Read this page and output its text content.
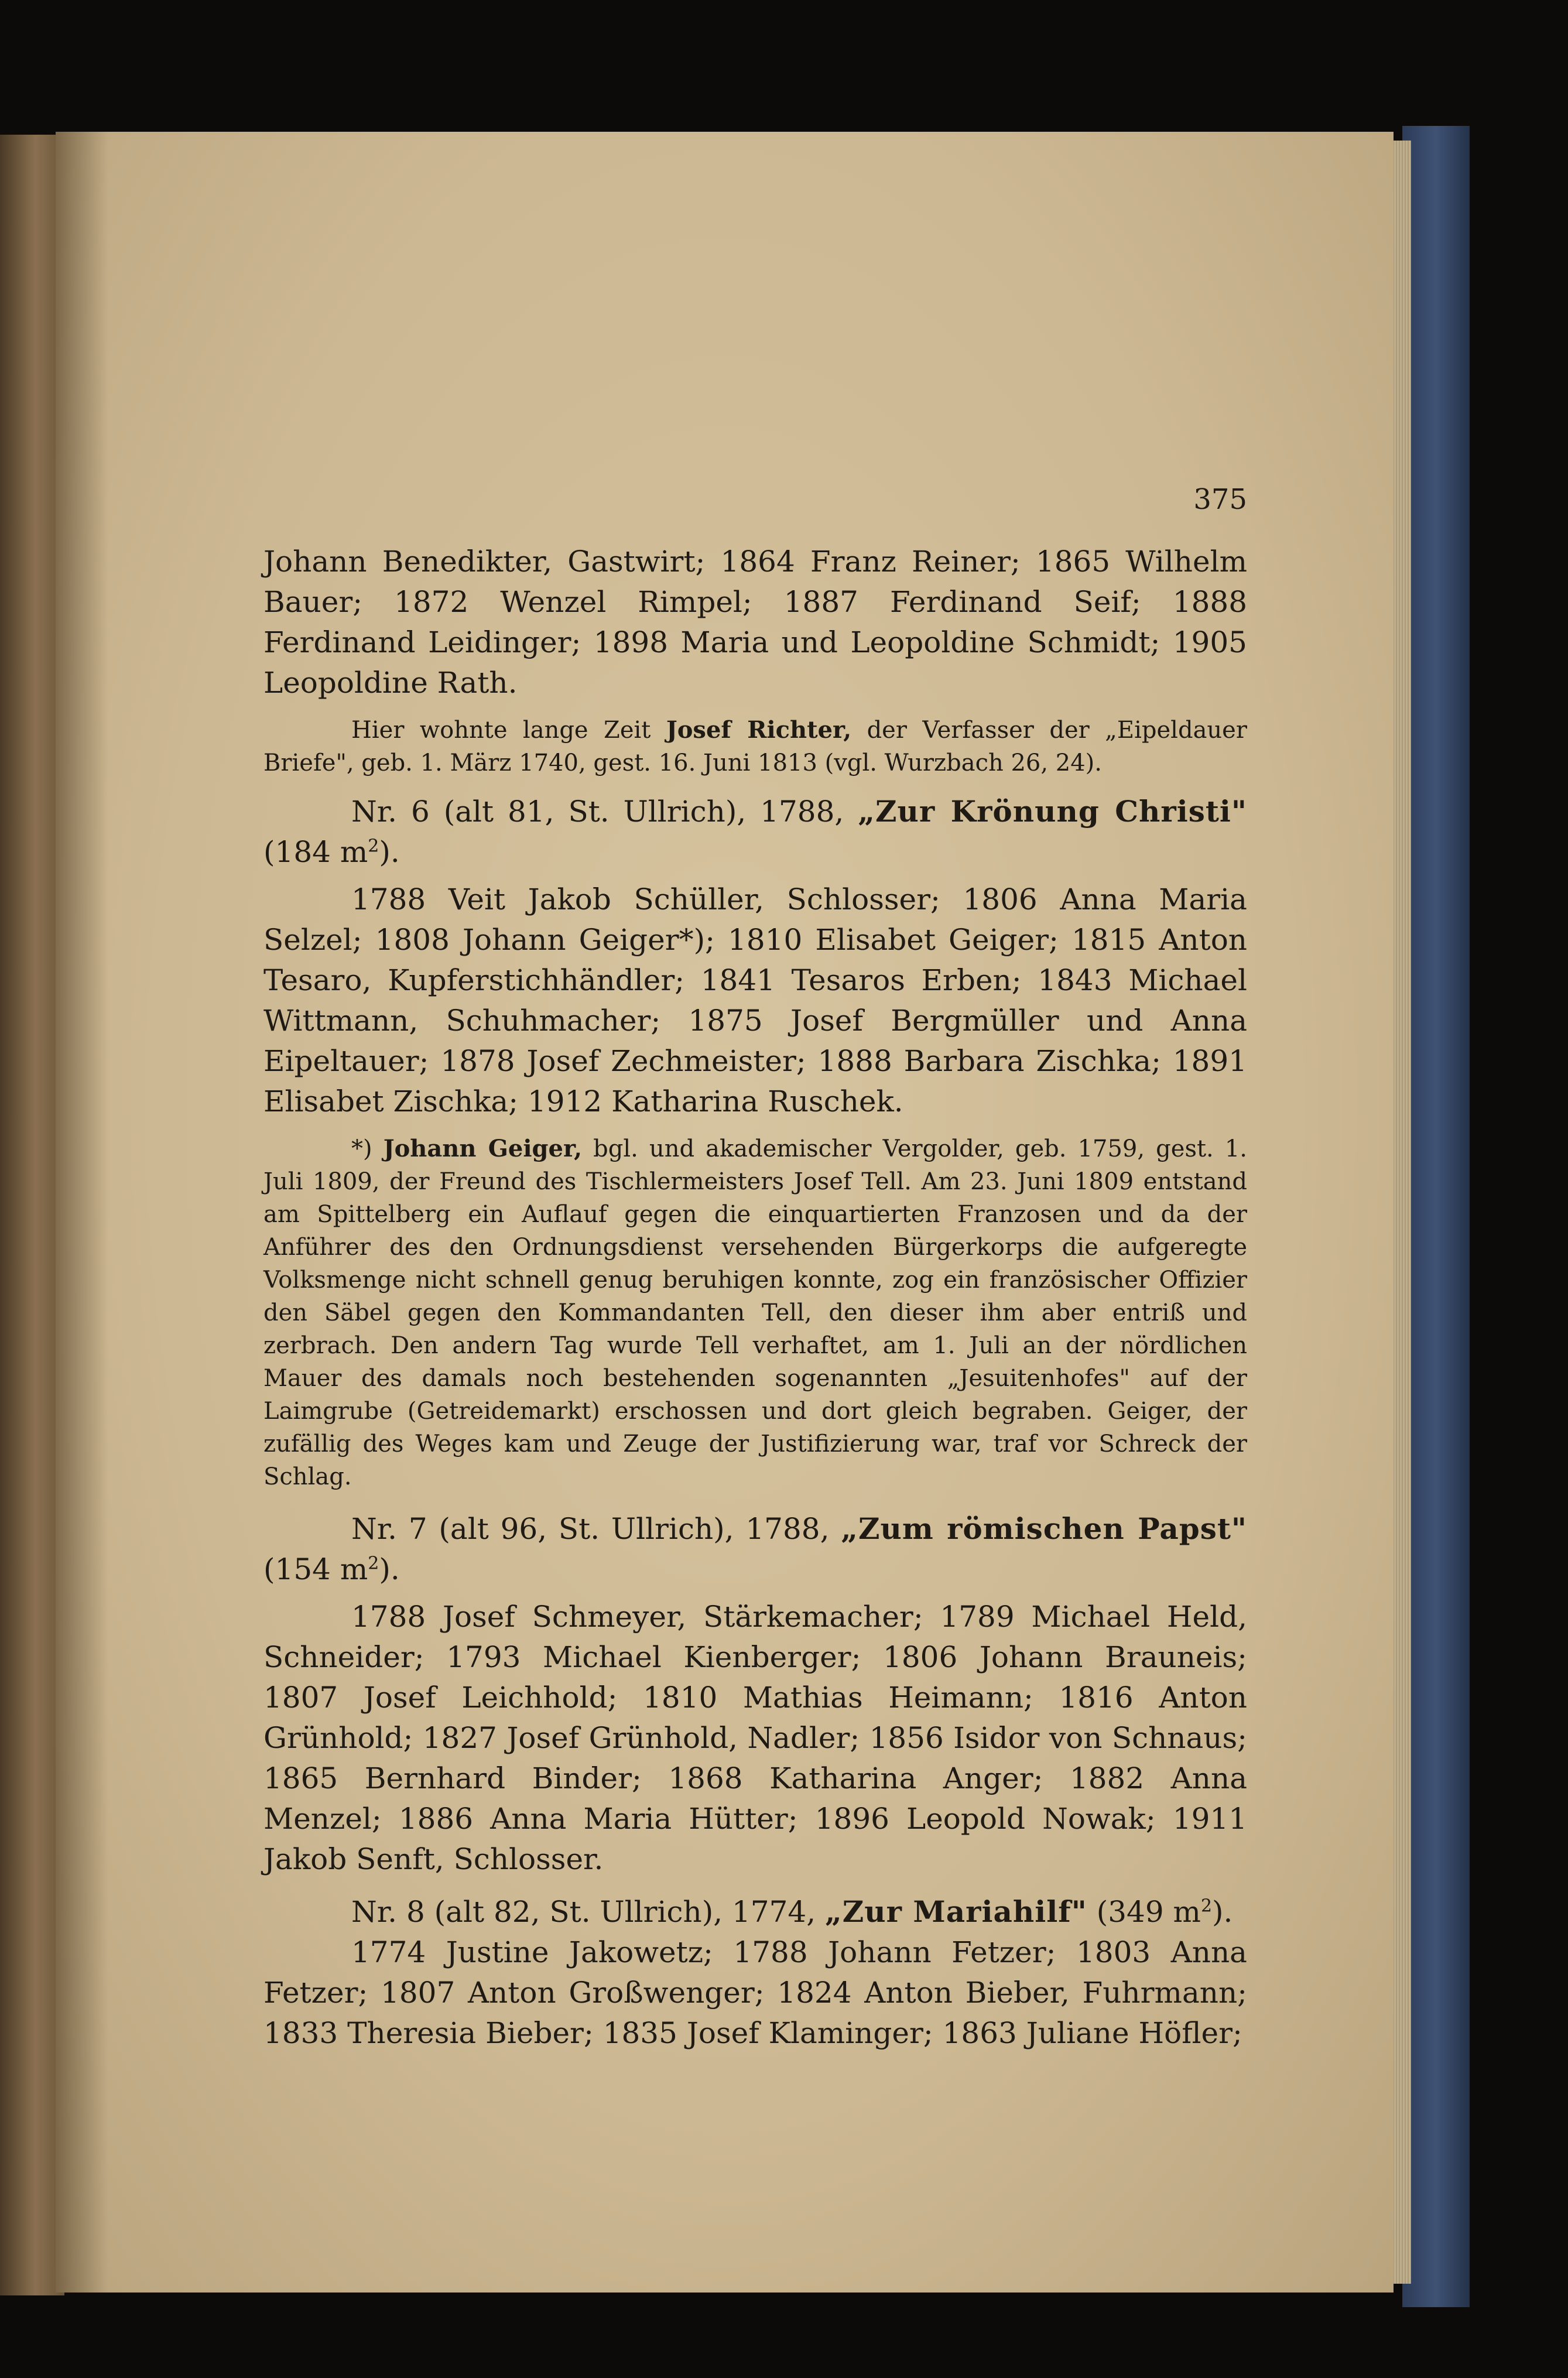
375

Johann Benedikter, Gastwirt; 1864 Franz Reiner; 1865 Wilhelm Bauer; 1872 Wenzel Rimpel; 1887 Ferdinand Seif; 1888 Ferdinand Leidinger; 1898 Maria und Leopoldine Schmidt; 1905 Leopoldine Rath.

Hier wohnte lange Zeit Josef Richter, der Verfasser der „Eipeldauer Briefe", geb. 1. März 1740, gest. 16. Juni 1813 (vgl. Wurzbach 26, 24).

Nr. 6 (alt 81, St. Ullrich), 1788, „Zur Krönung Christi" (184 $m^2$).

1788 Veit Jakob Schüller, Schlosser; 1806 Anna Maria Selzel; 1808 Johann Geiger*); 1810 Elisabet Geiger; 1815 Anton Tesaro, Kupferstichhändler; 1841 Tesaros Erben; 1843 Michael Wittmann, Schuhmacher; 1875 Josef Bergmüller und Anna Eipeltauer; 1878 Josef Zechmeister; 1888 Barbara Zischka; 1891 Elisabet Zischka; 1912 Katharina Ruschek.

*) Johann Geiger, bgl. und akademischer Vergolder, geb. 1759, gest. 1. Juli 1809, der Freund des Tischlermeisters Josef Tell. Am 23. Juni 1809 entstand am Spittelberg ein Auflauf gegen die einquartierten Franzosen und da der Anführer des den Ordnungsdienst versehenden Bürgerkorps die aufgeregte Volksmenge nicht schnell genug beruhigen konnte, zog ein französischer Offizier den Säbel gegen den Kommandanten Tell, den dieser ihm aber entriß und zerbrach. Den andern Tag wurde Tell verhaftet, am 1. Juli an der nördlichen Mauer des damals noch bestehenden sogenannten „Jesuitenhofes" auf der Laimgrube (Getreidemarkt) erschossen und dort gleich begraben. Geiger, der zufällig des Weges kam und Zeuge der Justifizierung war, traf vor Schreck der Schlag.

Nr. 7 (alt 96, St. Ullrich), 1788, „Zum römischen Papst" (154 $m^2$).

1788 Josef Schmeyer, Stärkemacher; 1789 Michael Held, Schneider; 1793 Michael Kienberger; 1806 Johann Brauneis; 1807 Josef Leichhold; 1810 Mathias Heimann; 1816 Anton Grünhold; 1827 Josef Grünhold, Nadler; 1856 Isidor von Schnaus; 1865 Bernhard Binder; 1868 Katharina Anger; 1882 Anna Menzel; 1886 Anna Maria Hütter; 1896 Leopold Nowak; 1911 Jakob Senft, Schlosser.

Nr. 8 (alt 82, St. Ullrich), 1774, „Zur Mariahilf" (349 $m^2$).

1774 Justine Jakowetz; 1788 Johann Fetzer; 1803 Anna Fetzer; 1807 Anton Großwenger; 1824 Anton Bieber, Fuhrmann; 1833 Theresia Bieber; 1835 Josef Klaminger; 1863 Juliane Höfler;
